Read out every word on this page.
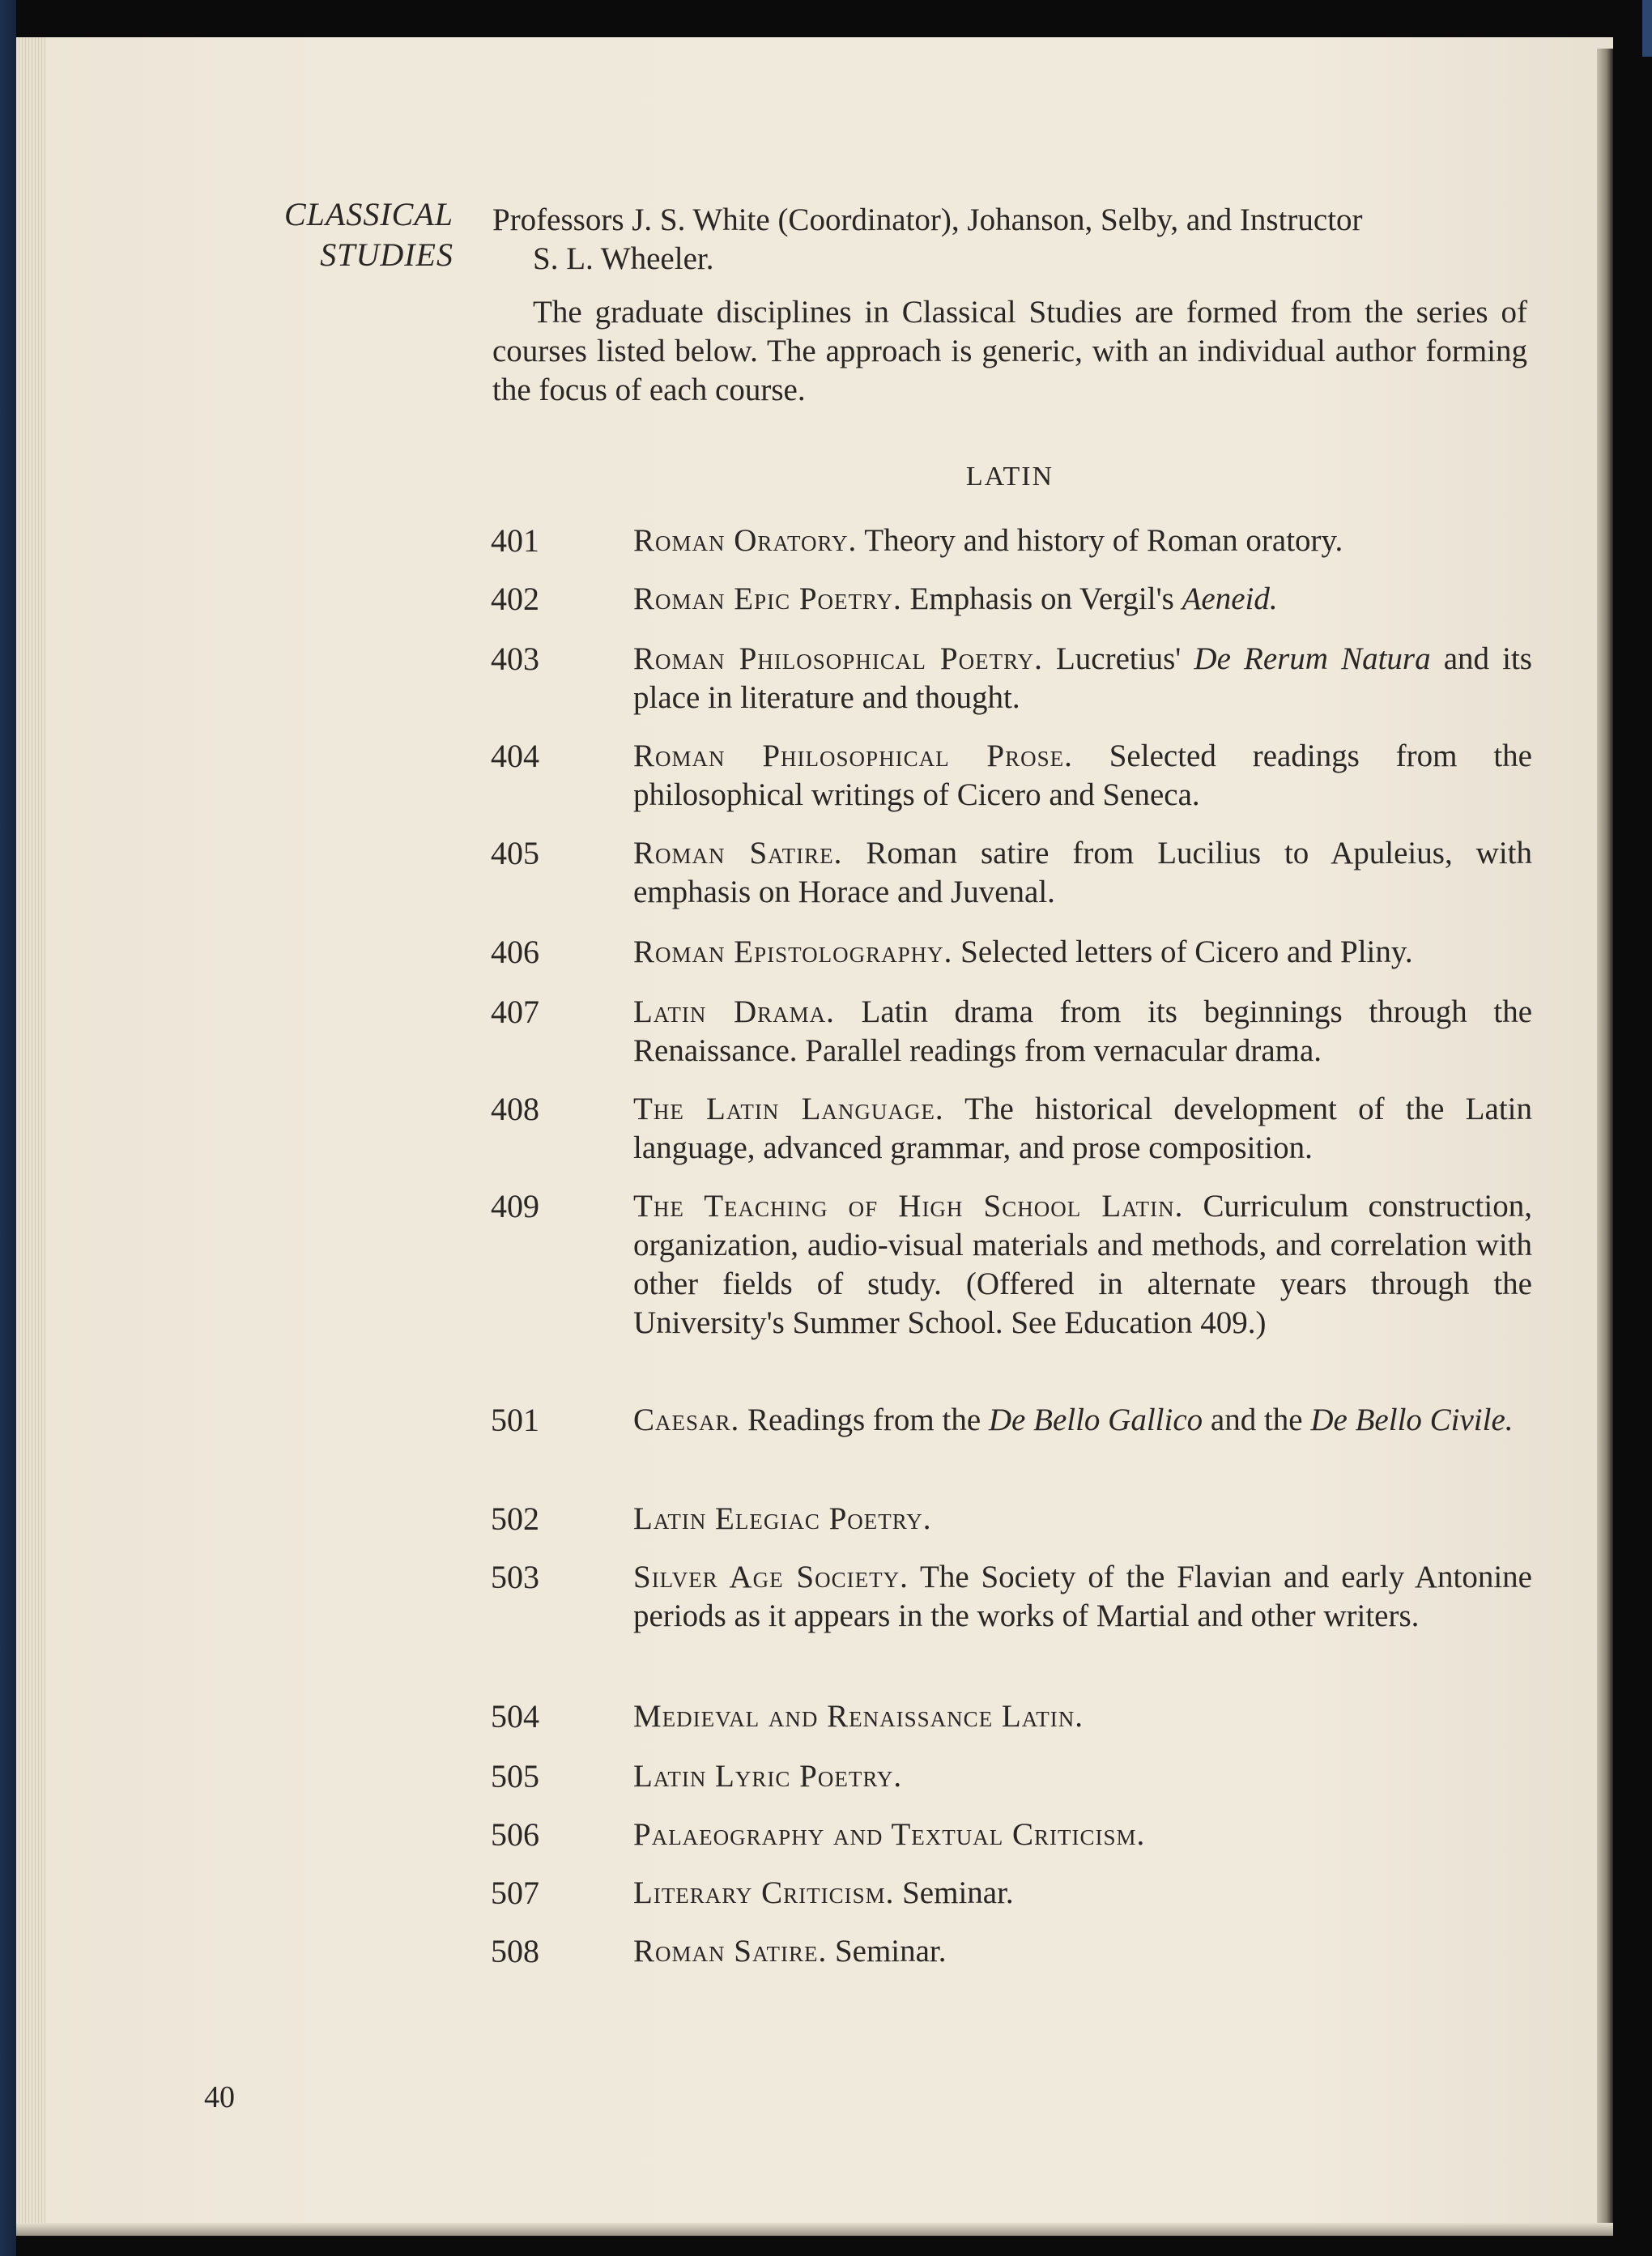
CLASSICAL
STUDIES
Professors J. S. White (Coordinator), Johanson, Selby, and Instructor
S. L. Wheeler.
The graduate disciplines in Classical Studies are formed from the series of courses listed below. The approach is generic, with an individual author forming the focus of each course.
LATIN
401	Roman Oratory. Theory and history of Roman oratory.
402	Roman Epic Poetry. Emphasis on Vergil's Aeneid.
403	Roman Philosophical Poetry. Lucretius' De Rerum Natura and its place in literature and thought.
404	Roman Philosophical Prose. Selected readings from the philosophical writings of Cicero and Seneca.
405	Roman Satire. Roman satire from Lucilius to Apuleius, with emphasis on Horace and Juvenal.
406	Roman Epistolography. Selected letters of Cicero and Pliny.
407	Latin Drama. Latin drama from its beginnings through the Renaissance. Parallel readings from vernacular drama.
408	The Latin Language. The historical development of the Latin language, advanced grammar, and prose composition.
409	The Teaching of High School Latin. Curriculum construction, organization, audio-visual materials and methods, and correlation with other fields of study. (Offered in alternate years through the University's Summer School. See Education 409.)
501	Caesar. Readings from the De Bello Gallico and the De Bello Civile.
502	Latin Elegiac Poetry.
503	Silver Age Society. The Society of the Flavian and early Antonine periods as it appears in the works of Martial and other writers.
504	Medieval and Renaissance Latin.
505	Latin Lyric Poetry.
506	Palaeography and Textual Criticism.
507	Literary Criticism. Seminar.
508	Roman Satire. Seminar.
40
